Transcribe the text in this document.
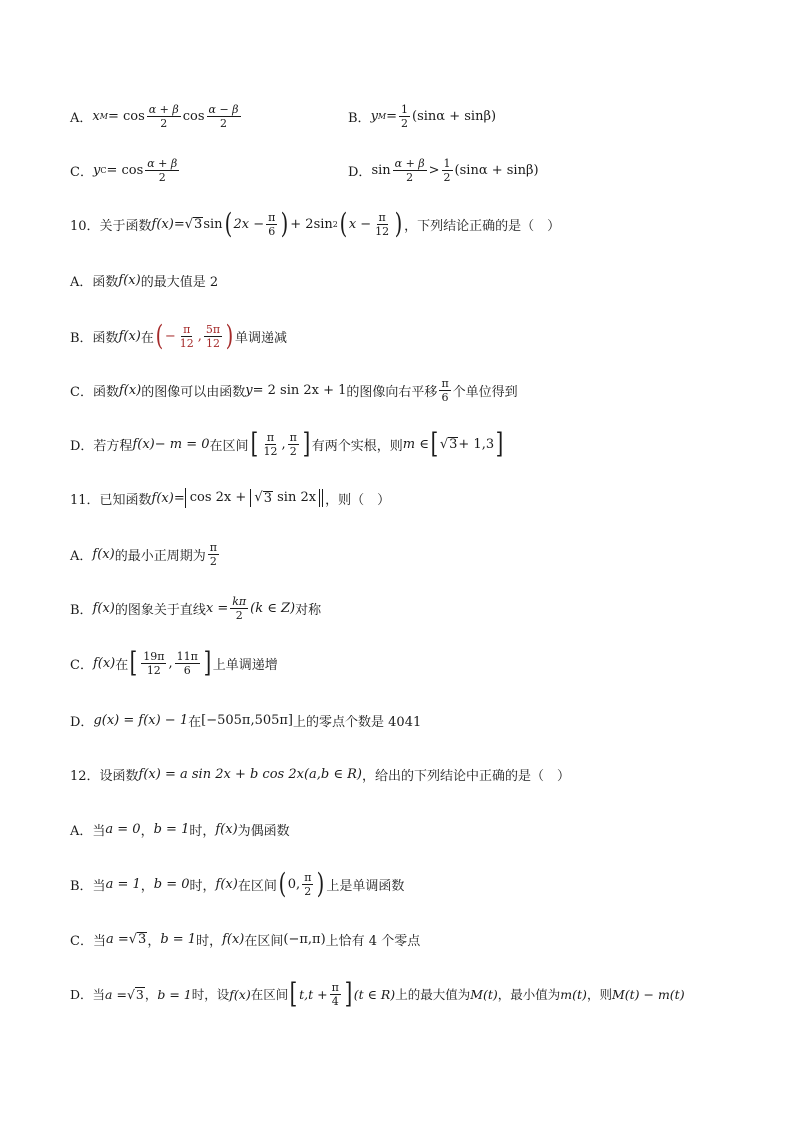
A． x $M = \cos \frac{\alpha + \beta}{2}$ $\cos \frac{\alpha - \beta}{2}$	B． y $M = \frac{1}{2} (\sin\alpha + \sin\beta)$
C． y $C = \cos \frac{\alpha + \beta}{2}$	D． $\sin \frac{\alpha + \beta}{2} > \frac{1}{2} (\sin\alpha + \sin\beta)$
10．关于函数 f(x) = √ 3 sin ( $2x - \frac{\pi}{6}$ ) + 2sin 2 ( $x - \frac{\pi}{12}$ ) ，下列结论正确的是（　）
A．函数 f(x) 的最大值是 2
B．函数 f(x) 在 ( − $\frac{\pi}{12}$ , $\frac{5\pi}{12}$ ) 单调递减
C．函数 f(x) 的图像可以由函数 y = 2 sin 2x + 1 的图像向右平移 $\frac{\pi}{6}$ 个单位得到
D．若方程 f(x) − m = 0 在区间 [ $\frac{\pi}{12}$ , $\frac{\pi}{2}$ ] 有两个实根，则 m ∈ [ √ 3 + 1,3 ]
11．已知函数 f(x) = cos 2x + √ 3 sin 2x ，则（　）
A． f(x) 的最小正周期为 $\frac{\pi}{2}$
B． f(x) 的图象关于直线 $x = \frac{k\pi}{2} (k$ ∈ Z) 对称
C． f(x) 在 [ $\frac{19\pi}{12}$ , $\frac{11\pi}{6}$ ] 上单调递增
D． g(x) = f(x) − 1 在 [−505π,505π] 上的零点个数是 4041
12．设函数 f(x) = a sin 2x + b cos 2x (a,b ∈ R) ，给出的下列结论中正确的是（　）
A．当 a = 0 ， b = 1 时， f(x) 为偶函数
B．当 a = 1 ， b = 0 时， f(x) 在区间 ( 0, $\frac{\pi}{2}$ ) 上是单调函数
C．当 a = √ 3 ， b = 1 时， f(x) 在区间 (−π,π) 上恰有 4 个零点
D．当 a = √ 3 ， b = 1 时，设 f(x) 在区间 [ $t,t + \frac{\pi}{4}$ ] (t ∈ R) 上的最大值为 M(t) ，最小值为 m(t) ，则 M(t) − m(t)
